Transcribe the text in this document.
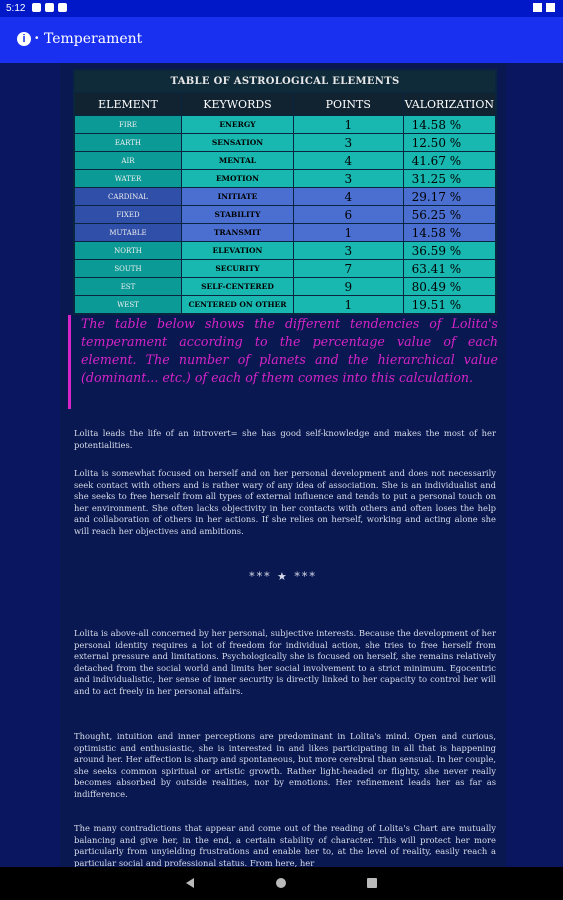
5:12
i • Temperament
TABLE OF ASTROLOGICAL ELEMENTS			
ELEMENT	KEYWORDS	POINTS	VALORIZATION
FIRE	ENERGY	1	14.58 %
EARTH	SENSATION	3	12.50 %
AIR	MENTAL	4	41.67 %
WATER	EMOTION	3	31.25 %
CARDINAL	INITIATE	4	29.17 %
FIXED	STABILITY	6	56.25 %
MUTABLE	TRANSMIT	1	14.58 %
NORTH	ELEVATION	3	36.59 %
SOUTH	SECURITY	7	63.41 %
EST	SELF-CENTERED	9	80.49 %
WEST	CENTERED ON OTHER	1	19.51 %
The table below shows the different tendencies of Lolita's temperament according to the percentage value of each element. The number of planets and the hierarchical value (dominant... etc.) of each of them comes into this calculation.

Lolita leads the life of an introvert= she has good self-knowledge and makes the most of her potentialities.

Lolita is somewhat focused on herself and on her personal development and does not necessarily seek contact with others and is rather wary of any idea of association. She is an individualist and she seeks to free herself from all types of external influence and tends to put a personal touch on her environment. She often lacks objectivity in her contacts with others and often loses the help and collaboration of others in her actions. If she relies on herself, working and acting alone she will reach her objectives and ambitions.

*** ★ ***

Lolita is above-all concerned by her personal, subjective interests. Because the development of her personal identity requires a lot of freedom for individual action, she tries to free herself from external pressure and limitations. Psychologically she is focused on herself, she remains relatively detached from the social world and limits her social involvement to a strict minimum. Egocentric and individualistic, her sense of inner security is directly linked to her capacity to control her will and to act freely in her personal affairs.

Thought, intuition and inner perceptions are predominant in Lolita's mind. Open and curious, optimistic and enthusiastic, she is interested in and likes participating in all that is happening around her. Her affection is sharp and spontaneous, but more cerebral than sensual. In her couple, she seeks common spiritual or artistic growth. Rather light-headed or flighty, she never really becomes absorbed by outside realities, nor by emotions. Her refinement leads her as far as indifference.

The many contradictions that appear and come out of the reading of Lolita's Chart are mutually balancing and give her, in the end, a certain stability of character. This will protect her more particularly from unyielding frustrations and enable her to, at the level of reality, easily reach a particular social and professional status. From here, her
